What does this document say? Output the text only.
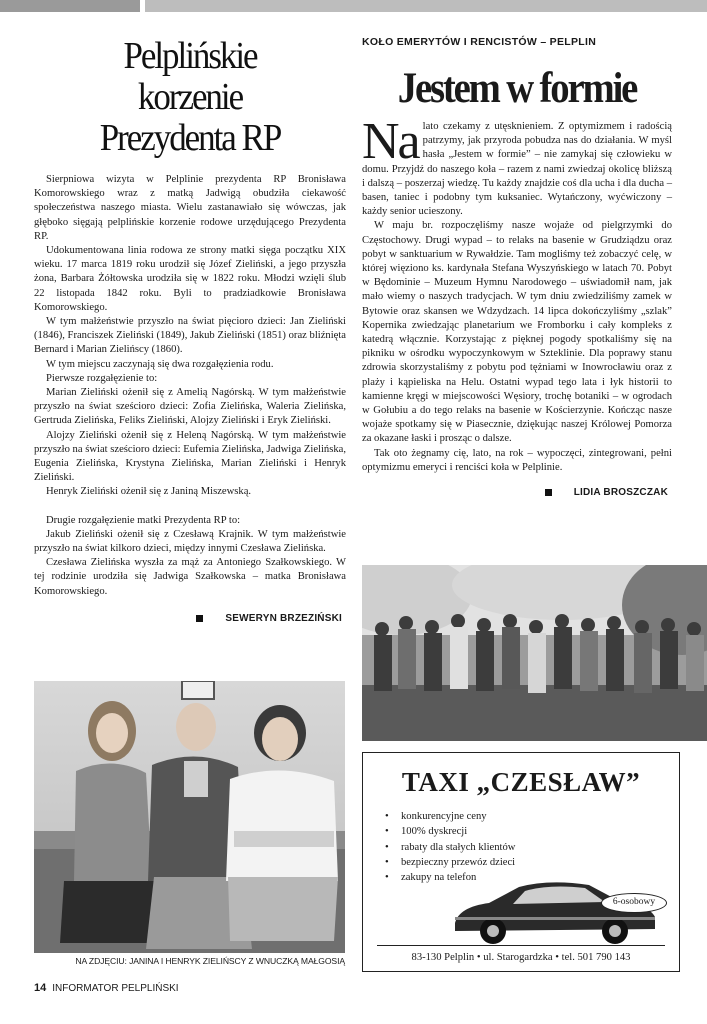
Pelplińskie
korzenie
Prezydenta RP

Sierpniowa wizyta w Pelplinie prezydenta RP Bronisława Komorowskiego wraz z matką Jadwigą obudziła ciekawość społeczeństwa naszego miasta. Wielu zastanawiało się wówczas, jak głęboko sięgają pelplińskie korzenie rodowe urzędującego Prezydenta RP.

Udokumentowana linia rodowa ze strony matki sięga początku XIX wieku. 17 marca 1819 roku urodził się Józef Zieliński, a jego przyszła żona, Barbara Żółtowska urodziła się w 1822 roku. Młodzi wzięli ślub 22 listopada 1842 roku. Byli to pradziadkowie Bronisława Komorowskiego.

W tym małżeństwie przyszło na świat pięcioro dzieci: Jan Zieliński (1846), Franciszek Zieliński (1849), Jakub Zieliński (1851) oraz bliźnięta Bernard i Marian Zielińscy (1860).

W tym miejscu zaczynają się dwa rozgałęzienia rodu.

Pierwsze rozgałęzienie to:

Marian Zieliński ożenił się z Amelią Nagórską. W tym małżeństwie przyszło na świat sześcioro dzieci: Zofia Zielińska, Waleria Zielińska, Gertruda Zielińska, Feliks Zieliński, Alojzy Zieliński i Eryk Zieliński.

Alojzy Zieliński ożenił się z Heleną Nagórską. W tym małżeństwie przyszło na świat sześcioro dzieci: Eufemia Zielińska, Jadwiga Zielińska, Eugenia Zielińska, Krystyna Zielińska, Marian Zieliński i Henryk Zieliński.

Henryk Zieliński ożenił się z Janiną Miszewską.

Drugie rozgałęzienie matki Prezydenta RP to:

Jakub Zieliński ożenił się z Czesławą Krajnik. W tym małżeństwie przyszło na świat kilkoro dzieci, między innymi Czesława Zielińska.

Czesława Zielińska wyszła za mąż za Antoniego Szałkowskiego. W tej rodzinie urodziła się Jadwiga Szałkowska – matka Bronisława Komorowskiego.

SEWERYN BRZEZIŃSKI
NA ZDJĘCIU: JANINA I HENRYK ZIELIŃSCY Z WNUCZKĄ MAŁGOSIĄ
KOŁO EMERYTÓW I RENCISTÓW – PELPLIN
Jestem w formie
Na lato czekamy z utęsknieniem. Z optymizmem i radością patrzymy, jak przyroda pobudza nas do działania. W myśl hasła „Jestem w formie” – nie zamykaj się człowieku w domu. Przyjdź do naszego koła – razem z nami zwiedzaj okolicę bliższą i dalszą – poszerzaj wiedzę. Tu każdy znajdzie coś dla ucha i dla ducha – basen, taniec i podobny tym kuksaniec. Wytańczony, wyćwiczony – każdy senior ucieszony.

W maju br. rozpoczęliśmy nasze wojaże od pielgrzymki do Częstochowy. Drugi wypad – to relaks na basenie w Grudziądzu oraz pobyt w sanktuarium w Rywałdzie. Tam mogliśmy też zobaczyć celę, w której więziono ks. kardynała Stefana Wyszyńskiego w latach 70. Pobyt w Będominie – Muzeum Hymnu Narodowego – uświadomił nam, jak mało wiemy o naszych tradycjach. W tym dniu zwiedziliśmy zamek w Bytowie oraz skansen we Wdzydzach. 14 lipca dokończyliśmy „szlak” Kopernika zwiedzając planetarium we Fromborku i cały kompleks z katedrą włącznie. Korzystając z pięknej pogody spotkaliśmy się na pikniku w ośrodku wypoczynkowym w Szteklinie. Dla poprawy stanu zdrowia skorzystaliśmy z pobytu pod tężniami w Inowrocławiu oraz z plaży i kąpieliska na Helu. Ostatni wypad tego lata i łyk historii to kamienne kręgi w miejscowości Węsiory, trochę botaniki – w ogrodach w Gołubiu a do tego relaks na basenie w Kościerzynie. Kończąc nasze wojaże spotkamy się w Piasecznie, dziękując naszej Królowej Pomorza za okazane łaski i prosząc o dalsze.

Tak oto żegnamy cię, lato, na rok – wypoczęci, zintegrowani, pełni optymizmu emeryci i renciści koła w Pelplinie.

LIDIA BROSZCZAK
TAXI „CZESŁAW”
• konkurencyjne ceny
• 100% dyskrecji
• rabaty dla stałych klientów
• bezpieczny przewóz dzieci
• zakupy na telefon
6-osobowy
83-130 Pelplin • ul. Starogardzka • tel. 501 790 143
14 INFORMATOR PELPLIŃSKI
